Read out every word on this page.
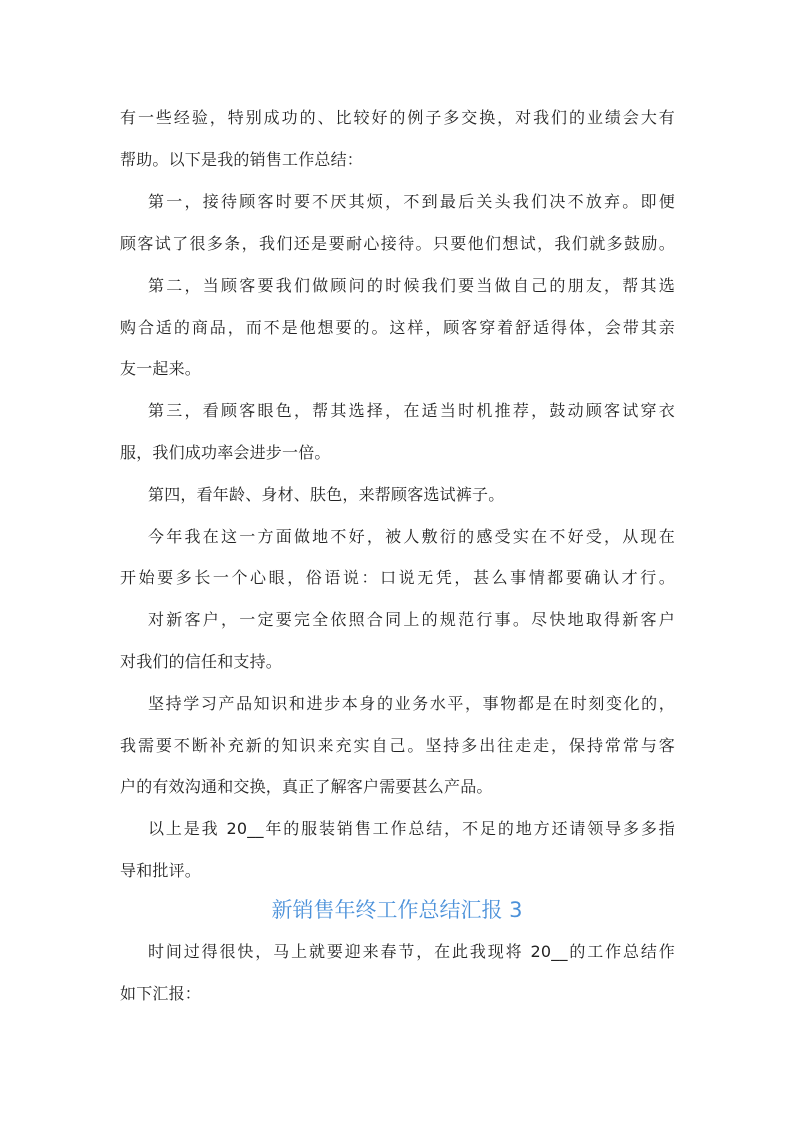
有一些经验，特别成功的、比较好的例子多交换，对我们的业绩会大有
帮助。以下是我的销售工作总结：
第一，接待顾客时要不厌其烦，不到最后关头我们决不放弃。即便
顾客试了很多条，我们还是要耐心接待。只要他们想试，我们就多鼓励。
第二，当顾客要我们做顾问的时候我们要当做自己的朋友，帮其选
购合适的商品，而不是他想要的。这样，顾客穿着舒适得体，会带其亲
友一起来。
第三，看顾客眼色，帮其选择，在适当时机推荐，鼓动顾客试穿衣
服，我们成功率会进步一倍。
第四，看年龄、身材、肤色，来帮顾客选试裤子。
今年我在这一方面做地不好，被人敷衍的感受实在不好受，从现在
开始要多长一个心眼，俗语说：口说无凭，甚么事情都要确认才行。
对新客户，一定要完全依照合同上的规范行事。尽快地取得新客户
对我们的信任和支持。
坚持学习产品知识和进步本身的业务水平，事物都是在时刻变化的，
我需要不断补充新的知识来充实自己。坚持多出往走走，保持常常与客
户的有效沟通和交换，真正了解客户需要甚么产品。
以上是我 20__年的服装销售工作总结，不足的地方还请领导多多指
导和批评。
新销售年终工作总结汇报 3
时间过得很快，马上就要迎来春节，在此我现将 20__的工作总结作
如下汇报：
